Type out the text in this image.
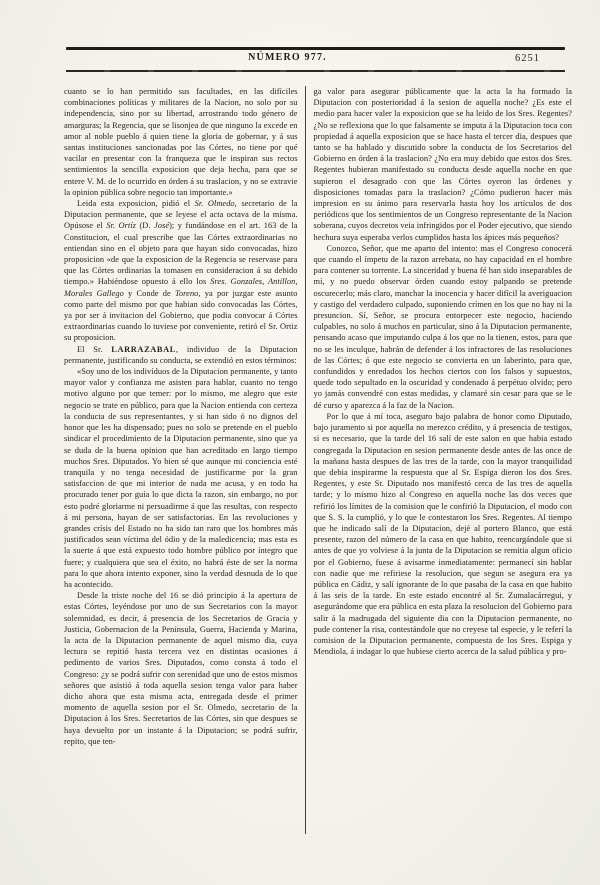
NÚMERO 977.	6251

cuanto se lo han permitido sus facultades, en las difíciles combinaciones políticas y militares de la Nacion, no solo por su independencia, sino por su libertad, arrostrando todo género de amarguras; la Regencia, que se lisonjea de que ninguno la excede en amor al noble pueblo á quien tiene la gloria de gobernar, y á sus santas instituciones sancionadas por las Córtes, no tiene por qué vacilar en presentar con la franqueza que le inspiran sus rectos sentimientos la sencilla exposicion que deja hecha, para que se entere V. M. de lo ocurrido en órden á su traslacion, y no se extravie la opinion pública sobre negocio tan importante.»

Leida esta exposicion, pidió el Sr. Olmedo, secretario de la Diputacion permanente, que se leyese el acta octava de la misma. Opúsose el Sr. Ortíz (D. José); y fundándose en el art. 163 de la Constitucion, el cual prescribe que las Córtes extraordinarias no entiendan sino en el objeto para que hayan sido convocadas, hizo proposicion «de que la exposicion de la Regencia se reservase para que las Córtes ordinarias la tomasen en consideracion á su debido tiempo.» Habiéndose opuesto á ello los Sres. Gonzales, Antillon, Morales Gallego y Conde de Toreno, ya por juzgar este asunto como parte del mismo por que habian sido convocadas las Córtes, ya por ser á invitacion del Gobierno, que podia convocar á Córtes extraordinarias cuando lo tuviese por conveniente, retiró el Sr. Ortiz su proposicion.

El Sr. LARRAZABAL, individuo de la Diputacion permanente, justificando su conducta, se extendió en estos términos:

«Soy uno de los indivíduos de la Diputacion permanente, y tanto mayor valor y confianza me asisten para hablar, cuanto no tengo motivo alguno por que temer: por lo mismo, me alegro que este negocio se trate en público, para que la Nacion entienda con certeza la conducta de sus representantes, y si han sido ó no dignos del honor que les ha dispensado; pues no solo se pretende en el pueblo sindicar el procedimiento de la Diputacion permanente, sino que ya se duda de la buena opinion que han acreditado en largo tiempo muchos Sres. Diputados. Yo bien sé que aunque mi conciencia esté tranquila y no tenga necesidad de justificarme por la gran satisfaccion de que mi interior de nada me acusa, y en todo ha procurado tener por guía lo que dicta la razon, sin embargo, no por esto podré gloriarme ni persuadirme á que las resultas, con respecto á mi persona, hayan de ser satisfactorias. En las revoluciones y grandes crísis del Estado no ha sido tan raro que los hombres más justificados sean víctima del ódio y de la maledicencia; mas esta es la suerte á que está expuesto todo hombre público por íntegro que fuere; y cualquiera que sea el éxito, no habrá éste de ser la norma para lo que ahora intento exponer, sino la verdad desnuda de lo que ha acontecido.

Desde la triste noche del 16 se dió principio á la apertura de estas Córtes, leyéndose por uno de sus Secretarios con la mayor solemnidad, es decir, á presencia de los Secretarios de Gracia y Justicia, Gobernacion de la Península, Guerra, Hacienda y Marina, la acta de la Diputacion permanente de aquel mismo dia, cuya lectura se repitió hasta tercera vez en distintas ocasiones á pedimento de varios Sres. Diputados, como consta á todo el Congreso: ¿y se podrá sufrir con serenidad que uno de estos mismos señores que asistió á toda aquella sesion tenga valor para haber dicho ahora que esta misma acta, entregada desde el primer momento de aquella sesion por el Sr. Olmedo, secretario de la Diputacion á los Sres. Secretarios de las Córtes, sin que despues se haya devuelto por un instante á la Diputacion; se podrá sufrir, repito, que ten-

ga valor para asegurar públicamente que la acta la ha formado la Diputacion con posterioridad á la sesion de aquella noche? ¿Es este el medio para hacer valer la exposicion que se ha leido de los Sres. Regentes? ¿No se reflexiona que lo que falsamente se imputa á la Diputacion toca con propiedad á aquella exposicion que se hace hasta el tercer dia, despues que tanto se ha hablado y discutido sobre la conducta de los Secretarios del Gobierno en órden á la traslacion? ¿No era muy debido que estos dos Sres. Regentes hubieran manifestado su conducta desde aquella noche en que supieron el desagrado con que las Córtes oyeron las órdenes y disposiciones tomadas para la traslacion? ¿Cómo pudieron hacer más impresion en su ánimo para reservarla hasta hoy los artículos de dos periódicos que los sentimientos de un Congreso representante de la Nacion soberana, cuyos decretos veia infringidos por el Poder ejecutivo, que siendo hechura suya esperaba verlos cumplidos hasta los ápices más pequeños?

Conozco, Señor, que me aparto del intento: mas el Congreso conocerá que cuando el ímpetu de la razon arrebata, no hay capacidad en el hombre para contener su torrente. La sinceridad y buena fé han sido inseparables de mí, y no puedo observar órden cuando estoy palpando se pretende oscurecerlo; más claro, manchar la inocencia y hacer difícil la averiguacion y castigo del verdadero culpado, suponiendo crímen en los que no hay ni la presuncion. Sí, Señor, se procura entorpecer este negocio, haciendo culpables, no solo á muchos en particular, sino á la Diputacion permanente, pensando acaso que imputando culpa á los que no la tienen, estos, para que no se les inculque, habrán de defender á los infractores de las resoluciones de las Córtes; ó que este negocio se convierta en un laberinto, para que, confundidos y enredados los hechos ciertos con los falsos y supuestos, quede todo sepultado en la oscuridad y condenado á perpétuo olvido; pero yo jamás convendré con estas medidas, y clamaré sin cesar para que se le dé curso y aparezca á la faz de la Nacion.

Por lo que á mí toca, aseguro bajo palabra de honor como Diputado, bajo juramento si por aquella no merezco crédito, y á presencia de testigos, si es necesario, que la tarde del 16 salí de este salon en que habia estado congregada la Diputacion en sesion permanente desde antes de las once de la mañana hasta despues de las tres de la tarde, con la mayor tranquilidad que debia inspirarme la respuesta que al Sr. Espiga dieron los dos Sres. Regentes, y este Sr. Diputado nos manifestó cerca de las tres de aquella tarde; y lo mismo hizo al Congreso en aquella noche las dos veces que refirió los límites de la comision que le confirió la Diputacion, el modo con que S. S. la cumplió, y lo que le contestaron los Sres. Regentes. Al tiempo que he indicado salí de la Diputacion, dejé al portero Blanco, que está presente, razon del número de la casa en que habito, reencargándole que si antes de que yo volviese á la junta de la Diputacion se remitia algun oficio por el Gobierno, fuese á avisarme inmediatamente: permanecí sin hablar con nadie que me refiriese la resolucion, que segun se asegura era ya pública en Cádiz, y salí ignorante de lo que pasaba de la casa en que habito á las seis de la tarde. En este estado encontré al Sr. Zumalacárregui, y asegurándome que era pública en esta plaza la resolucion del Gobierno para salir á la madrugada del siguiente dia con la Diputacion permanente, no pude contener la risa, contestándole que no creyese tal especie, y le referí la comision de la Diputacion permanente, compuesta de los Sres. Espiga y Mendiola, á indagar lo que hubiese cierto acerca de la salud pública y pro-
